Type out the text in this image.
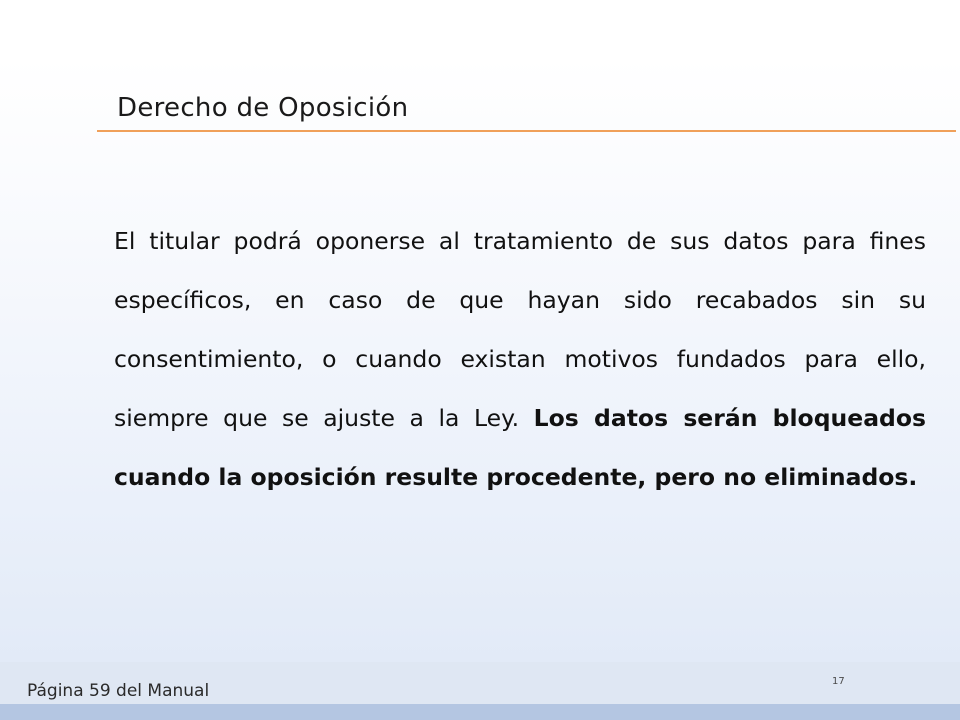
Derecho de Oposición

El titular podrá oponerse al tratamiento de sus datos para fines específicos, en caso de que hayan sido recabados sin su consentimiento, o cuando existan motivos fundados para ello, siempre que se ajuste a la Ley. Los datos serán bloqueados cuando la oposición resulte procedente, pero no eliminados.

Página 59 del Manual	17
